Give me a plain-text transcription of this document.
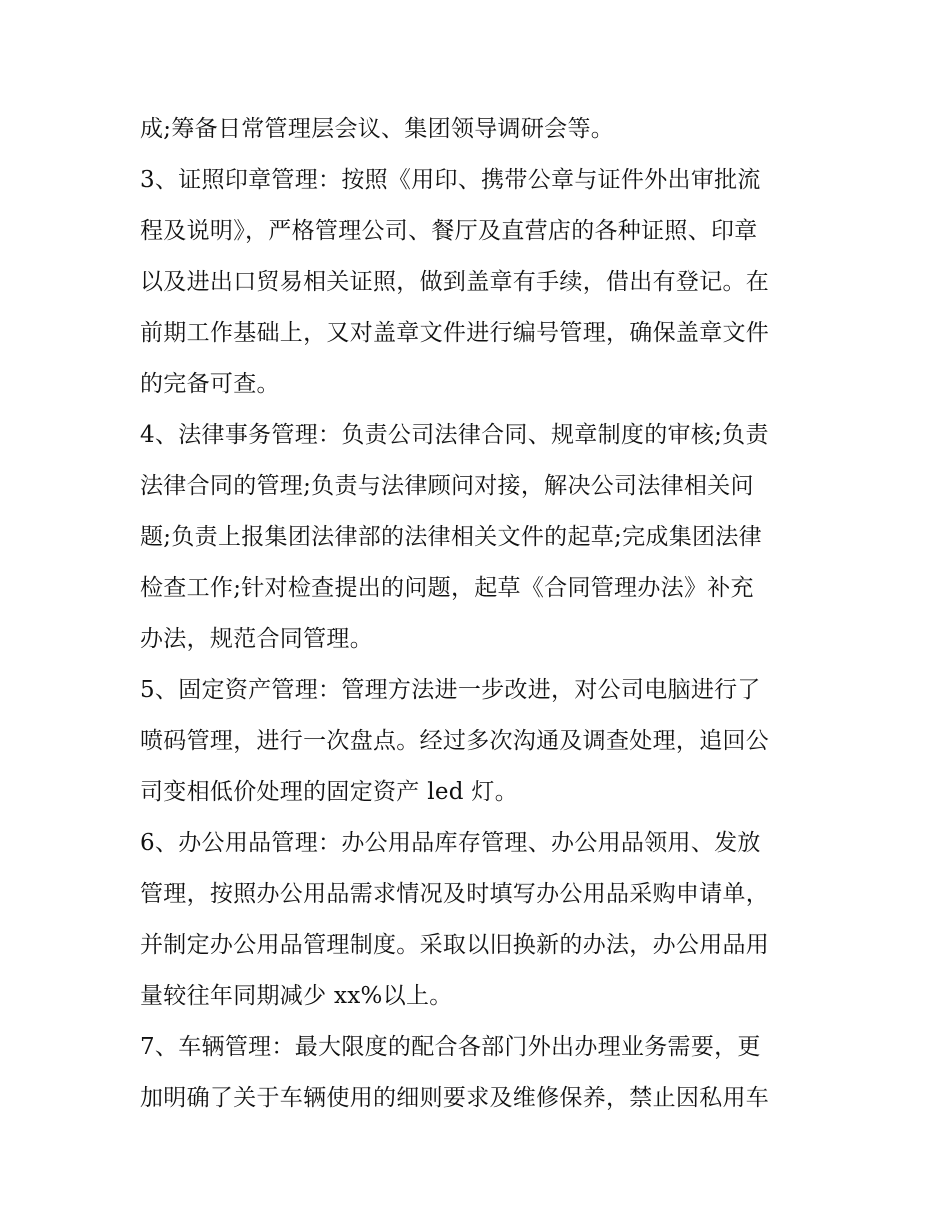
成;筹备日常管理层会议、集团领导调研会等。
3、证照印章管理：按照《用印、携带公章与证件外出审批流
程及说明》，严格管理公司、餐厅及直营店的各种证照、印章
以及进出口贸易相关证照，做到盖章有手续，借出有登记。在
前期工作基础上，又对盖章文件进行编号管理，确保盖章文件
的完备可查。
4、法律事务管理：负责公司法律合同、规章制度的审核;负责
法律合同的管理;负责与法律顾问对接，解决公司法律相关问
题;负责上报集团法律部的法律相关文件的起草;完成集团法律
检查工作;针对检查提出的问题，起草《合同管理办法》补充
办法，规范合同管理。
5、固定资产管理：管理方法进一步改进，对公司电脑进行了
喷码管理，进行一次盘点。经过多次沟通及调查处理，追回公
司变相低价处理的固定资产 led 灯。
6、办公用品管理：办公用品库存管理、办公用品领用、发放
管理，按照办公用品需求情况及时填写办公用品采购申请单，
并制定办公用品管理制度。采取以旧换新的办法，办公用品用
量较往年同期减少 xx%以上。
7、车辆管理：最大限度的配合各部门外出办理业务需要，更
加明确了关于车辆使用的细则要求及维修保养，禁止因私用车
